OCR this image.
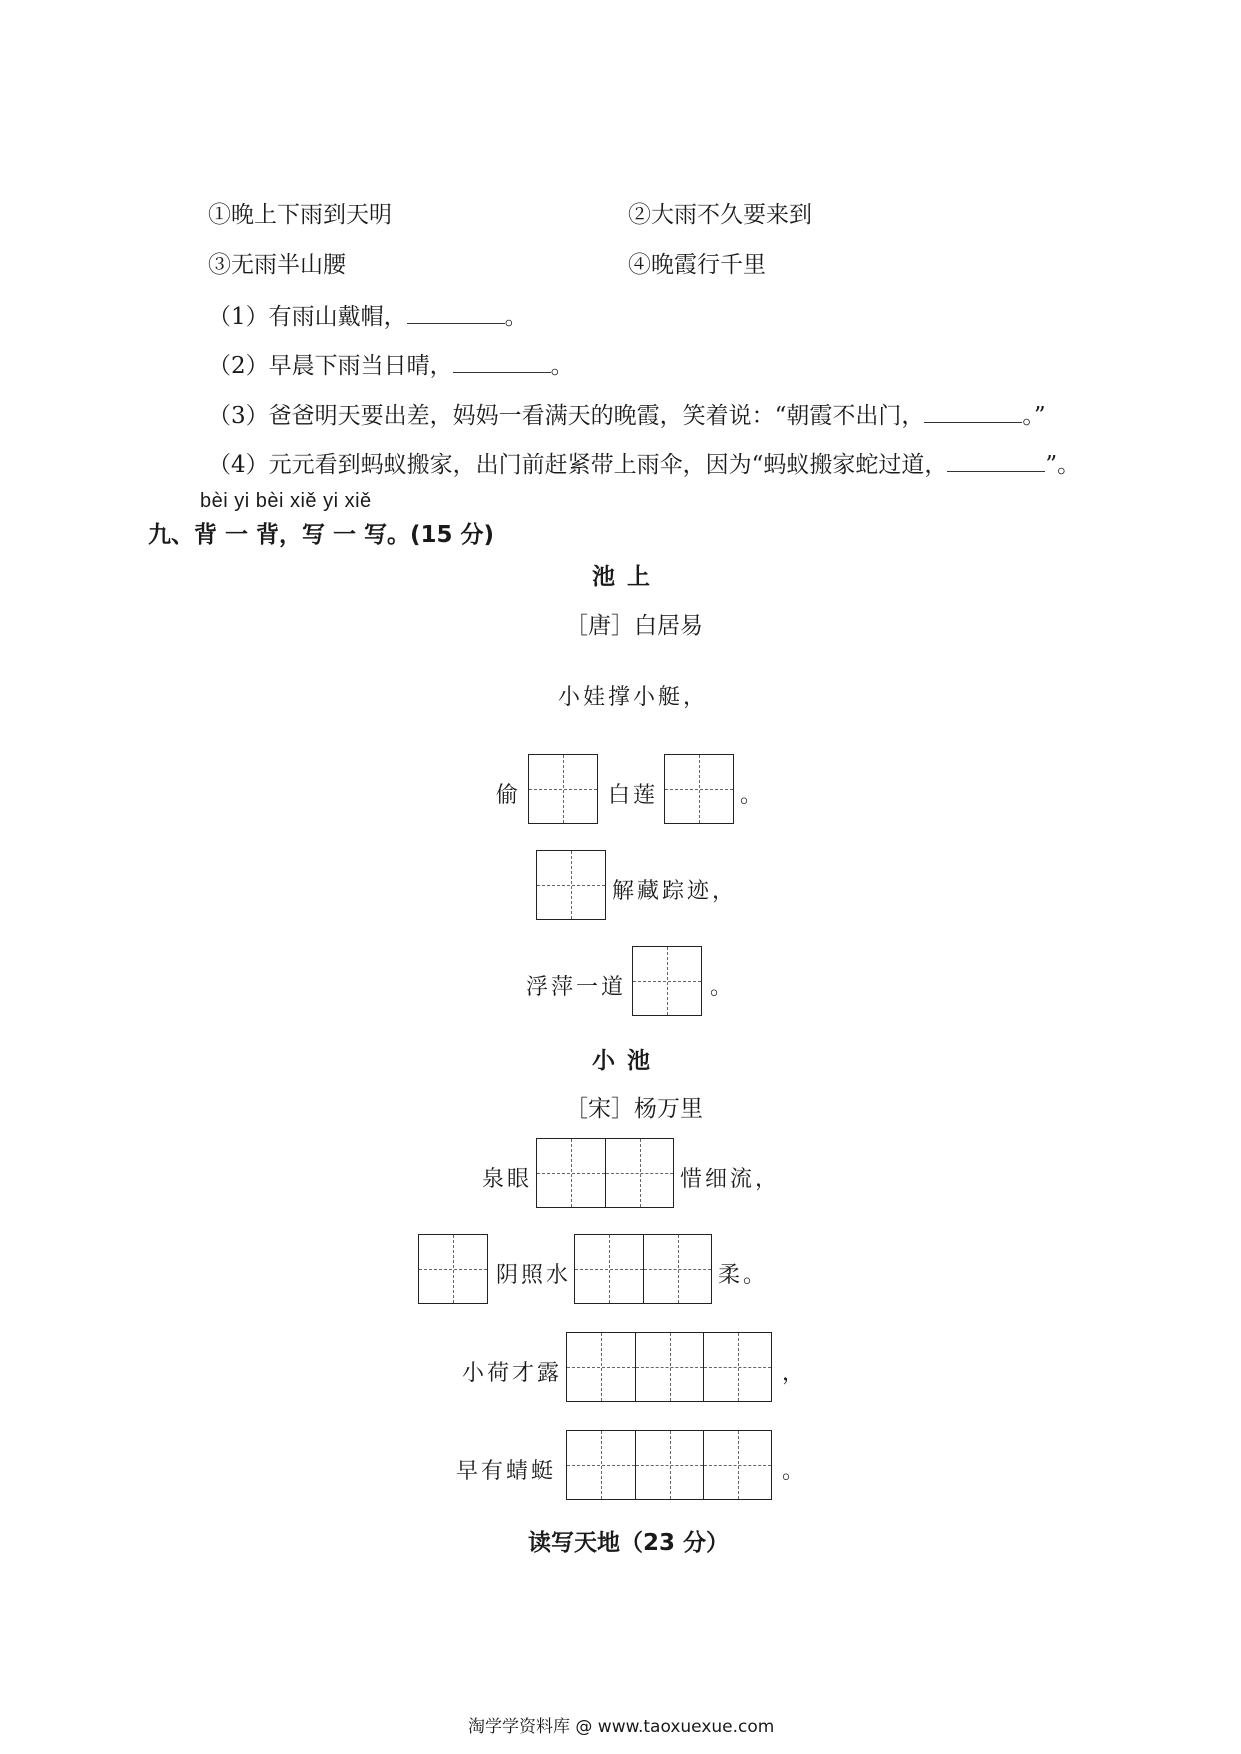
①晚上下雨到天明	②大雨不久要来到
③无雨半山腰	④晚霞行千里
（1）有雨山戴帽，	。
（2）早晨下雨当日晴，	。
（3）爸爸明天要出差，妈妈一看满天的晚霞，笑着说：“朝霞不出门，	。”
（4）元元看到蚂蚁搬家，出门前赶紧带上雨伞，因为“蚂蚁搬家蛇过道，	”。
bèi yi bèi xiě yi xiě
九、背 一 背，写 一 写。(15 分)
池 上
［唐］白居易
小娃撑小艇，
偷	白莲	。
解藏踪迹，
浮萍一道	。
小 池
［宋］杨万里
泉眼	惜细流，
阴照水	柔。
小荷才露	，
早有蜻蜓	。
读写天地（23 分）
淘学学资料库 @ www.taoxuexue.com
